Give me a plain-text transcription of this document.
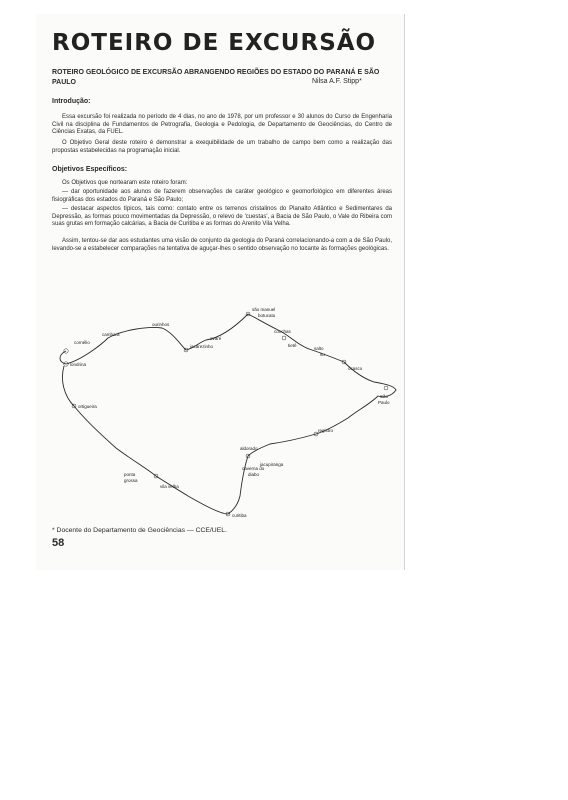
ROTEIRO DE EXCURSÃO
ROTEIRO GEOLÓGICO DE EXCURSÃO ABRANGENDO REGIÕES DO ESTADO DO PARANÁ E SÃO PAULO	Nilsa A.F. Stipp*
Introdução:
Essa excursão foi realizada no período de 4 dias, no ano de 1978, por um professor e 30 alunos do Curso de Engenharia Civil na disciplina de Fundamentos de Petrografia, Geologia e Pedologia, de Departamento de Geociências, do Centro de Ciências Exatas, da FUEL.
O Objetivo Geral deste roteiro é demonstrar a exequibilidade de um trabalho de campo bem como a realização das propostas estabelecidas na programação inicial.
Objetivos Específicos:
Os Objetivos que nortearam este roteiro foram:
— dar oportunidade aos alunos de fazerem observações de caráter geológico e geomorfológico em diferentes áreas fisiográficas dos estados do Paraná e São Paulo;
— destacar aspectos típicos, tais como: contato entre os terrenos cristalinos do Planalto Atlântico e Sedimentares da Depressão, as formas pouco movimentadas da Depressão, o relevo de 'cuestas', a Bacia de São Paulo, o Vale do Ribeira com suas grutas em formação calcárias, a Bacia de Curitiba e as formas do Arenito Vila Velha.
Assim, tentou-se dar aos estudantes uma visão de conjunto da geologia do Paraná correlacionando-a com a de São Paulo, levando-se a estabelecer comparações na tentativa de aguçar-lhes o sentido observação no tocante às formações geológicas.
cornélio
londrina
cambará
ourinhos
jacarezinho
avaré
são manuel
botucatu
conchas
tietê
salto
itu
osasco
São
Paulo
ortigueira
aldorado
registro
jacupiranga
caverna do
diabo
ponta
grossa
vila velha
curitiba
* Docente do Departamento de Geociências — CCE/UEL.
58
